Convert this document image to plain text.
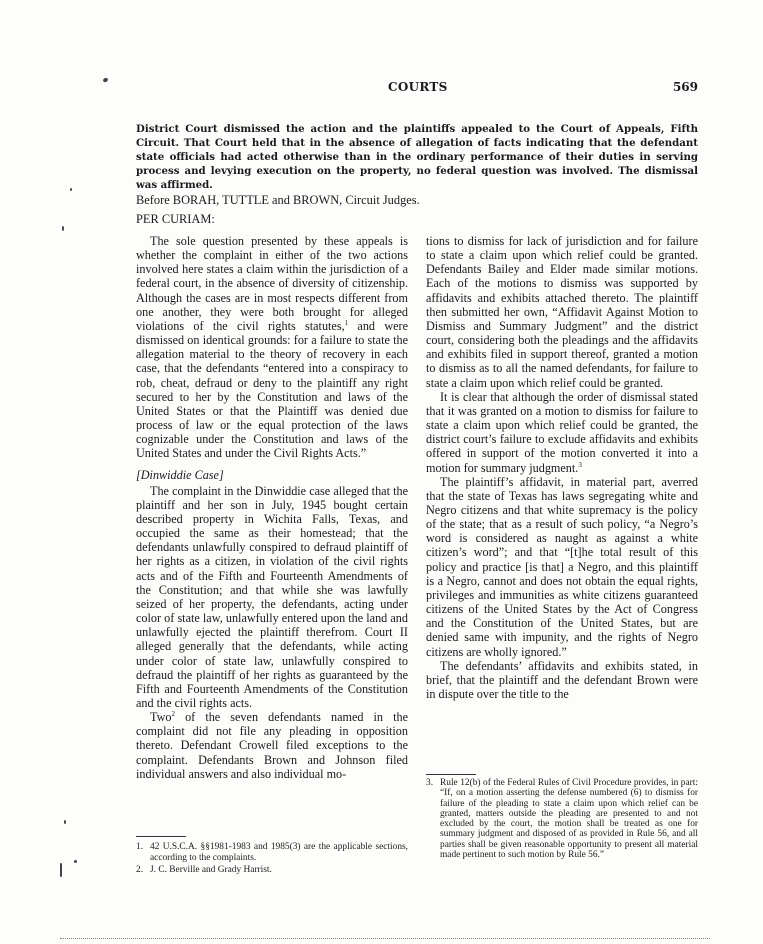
COURTS	569

District Court dismissed the action and the plaintiffs appealed to the Court of Appeals, Fifth Circuit. That Court held that in the absence of allegation of facts indicating that the defendant state officials had acted otherwise than in the ordinary performance of their duties in serving process and levying execution on the property, no federal question was involved. The dismissal was affirmed.

Before BORAH, TUTTLE and BROWN, Circuit Judges.

PER CURIAM:

The sole question presented by these appeals is whether the complaint in either of the two actions involved here states a claim within the jurisdiction of a federal court, in the absence of diversity of citizenship. Although the cases are in most respects different from one another, they were both brought for alleged violations of the civil rights statutes,$^1$ and were dismissed on identical grounds: for a failure to state the allegation material to the theory of recovery in each case, that the defendants “entered into a conspiracy to rob, cheat, defraud or deny to the plaintiff any right secured to her by the Constitution and laws of the United States or that the Plaintiff was denied due process of law or the equal protection of the laws cognizable under the Constitution and laws of the United States and under the Civil Rights Acts.”

[Dinwiddie Case]

The complaint in the Dinwiddie case alleged that the plaintiff and her son in July, 1945 bought certain described property in Wichita Falls, Texas, and occupied the same as their homestead; that the defendants unlawfully conspired to defraud plaintiff of her rights as a citizen, in violation of the civil rights acts and of the Fifth and Fourteenth Amendments of the Constitution; and that while she was lawfully seized of her property, the defendants, acting under color of state law, unlawfully entered upon the land and unlawfully ejected the plaintiff therefrom. Court II alleged generally that the defendants, while acting under color of state law, unlawfully conspired to defraud the plaintiff of her rights as guaranteed by the Fifth and Fourteenth Amendments of the Constitution and the civil rights acts.

Two$^2$ of the seven defendants named in the complaint did not file any pleading in opposition thereto. Defendant Crowell filed exceptions to the complaint. Defendants Brown and Johnson filed individual answers and also individual mo-

tions to dismiss for lack of jurisdiction and for failure to state a claim upon which relief could be granted. Defendants Bailey and Elder made similar motions. Each of the motions to dismiss was supported by affidavits and exhibits attached thereto. The plaintiff then submitted her own, “Affidavit Against Motion to Dismiss and Summary Judgment” and the district court, considering both the pleadings and the affidavits and exhibits filed in support thereof, granted a motion to dismiss as to all the named defendants, for failure to state a claim upon which relief could be granted.

It is clear that although the order of dismissal stated that it was granted on a motion to dismiss for failure to state a claim upon which relief could be granted, the district court’s failure to exclude affidavits and exhibits offered in support of the motion converted it into a motion for summary judgment.$^3$

The plaintiff’s affidavit, in material part, averred that the state of Texas has laws segregating white and Negro citizens and that white supremacy is the policy of the state; that as a result of such policy, “a Negro’s word is considered as naught as against a white citizen’s word”; and that “[t]he total result of this policy and practice [is that] a Negro, and this plaintiff is a Negro, cannot and does not obtain the equal rights, privileges and immunities as white citizens guaranteed citizens of the United States by the Act of Congress and the Constitution of the United States, but are denied same with impunity, and the rights of Negro citizens are wholly ignored.”

The defendants’ affidavits and exhibits stated, in brief, that the plaintiff and the defendant Brown were in dispute over the title to the

1. 42 U.S.C.A. §§1981-1983 and 1985(3) are the applicable sections, according to the complaints.
2. J. C. Berville and Grady Harrist.
3. Rule 12(b) of the Federal Rules of Civil Procedure provides, in part: “If, on a motion asserting the defense numbered (6) to dismiss for failure of the pleading to state a claim upon which relief can be granted, matters outside the pleading are presented to and not excluded by the court, the motion shall be treated as one for summary judgment and disposed of as provided in Rule 56, and all parties shall be given reasonable opportunity to present all material made pertinent to such motion by Rule 56.”
